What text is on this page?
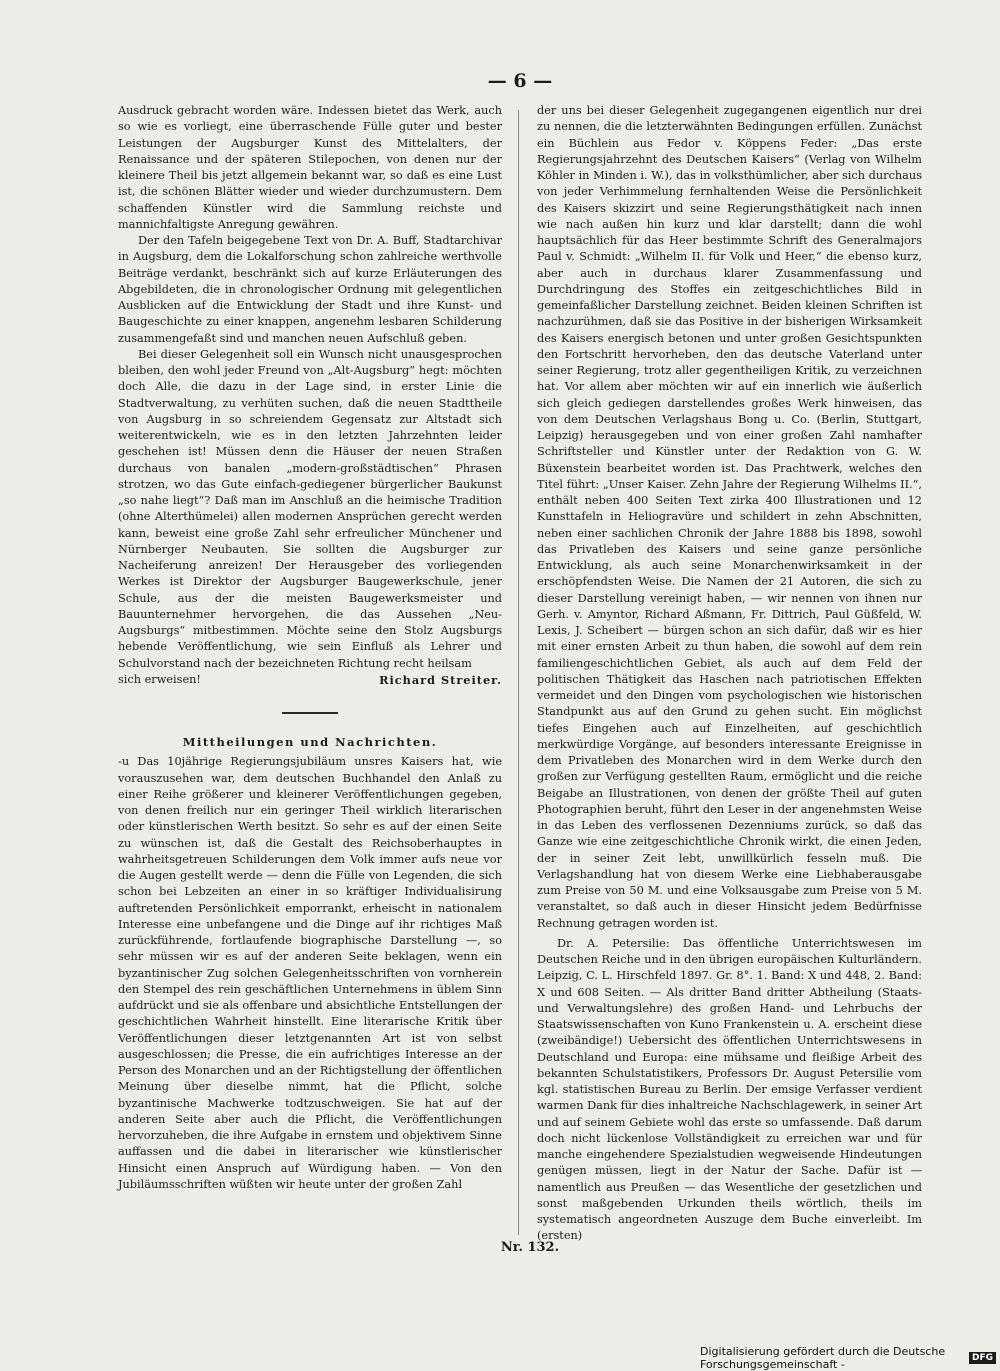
— 6 —

Ausdruck gebracht worden wäre. Indessen bietet das Werk, auch so wie es vorliegt, eine überraschende Fülle guter und bester Leistungen der Augsburger Kunst des Mittelalters, der Renaissance und der späteren Stilepochen, von denen nur der kleinere Theil bis jetzt allgemein bekannt war, so daß es eine Lust ist, die schönen Blätter wieder und wieder durchzumustern. Dem schaffenden Künstler wird die Sammlung reichste und mannichfaltigste Anregung gewähren.

Der den Tafeln beigegebene Text von Dr. A. Buff, Stadtarchivar in Augsburg, dem die Lokalforschung schon zahlreiche werthvolle Beiträge verdankt, beschränkt sich auf kurze Erläuterungen des Abgebildeten, die in chronologischer Ordnung mit gelegentlichen Ausblicken auf die Entwicklung der Stadt und ihre Kunst- und Baugeschichte zu einer knappen, angenehm lesbaren Schilderung zusammengefaßt sind und manchen neuen Aufschluß geben.

Bei dieser Gelegenheit soll ein Wunsch nicht unausgesprochen bleiben, den wohl jeder Freund von „Alt-Augsburg“ hegt: möchten doch Alle, die dazu in der Lage sind, in erster Linie die Stadtverwaltung, zu verhüten suchen, daß die neuen Stadttheile von Augsburg in so schreiendem Gegensatz zur Altstadt sich weiterentwickeln, wie es in den letzten Jahrzehnten leider geschehen ist! Müssen denn die Häuser der neuen Straßen durchaus von banalen „modern-großstädtischen“ Phrasen strotzen, wo das Gute einfach-gediegener bürgerlicher Baukunst „so nahe liegt“? Daß man im Anschluß an die heimische Tradition (ohne Alterthümelei) allen modernen Ansprüchen gerecht werden kann, beweist eine große Zahl sehr erfreulicher Münchener und Nürnberger Neubauten. Sie sollten die Augsburger zur Nacheiferung anreizen! Der Herausgeber des vorliegenden Werkes ist Direktor der Augsburger Baugewerkschule, jener Schule, aus der die meisten Baugewerksmeister und Bauunternehmer hervorgehen, die das Aussehen „Neu-Augsburgs“ mitbestimmen. Möchte seine den Stolz Augsburgs hebende Veröffentlichung, wie sein Einfluß als Lehrer und Schulvorstand nach der bezeichneten Richtung recht heilsam

sich erweisen!	Richard Streiter.
Mittheilungen und Nachrichten.

-u Das 10jährige Regierungsjubiläum unsres Kaisers hat, wie vorauszusehen war, dem deutschen Buchhandel den Anlaß zu einer Reihe größerer und kleinerer Veröffentlichungen gegeben, von denen freilich nur ein geringer Theil wirklich literarischen oder künstlerischen Werth besitzt. So sehr es auf der einen Seite zu wünschen ist, daß die Gestalt des Reichsoberhauptes in wahrheitsgetreuen Schilderungen dem Volk immer aufs neue vor die Augen gestellt werde — denn die Fülle von Legenden, die sich schon bei Lebzeiten an einer in so kräftiger Individualisirung auftretenden Persönlichkeit emporrankt, erheischt in nationalem Interesse eine unbefangene und die Dinge auf ihr richtiges Maß zurückführende, fortlaufende biographische Darstellung —, so sehr müssen wir es auf der anderen Seite beklagen, wenn ein byzantinischer Zug solchen Gelegenheitsschriften von vornherein den Stempel des rein geschäftlichen Unternehmens in üblem Sinn aufdrückt und sie als offenbare und absichtliche Entstellungen der geschichtlichen Wahrheit hinstellt. Eine literarische Kritik über Veröffentlichungen dieser letztgenannten Art ist von selbst ausgeschlossen; die Presse, die ein aufrichtiges Interesse an der Person des Monarchen und an der Richtigstellung der öffentlichen Meinung über dieselbe nimmt, hat die Pflicht, solche byzantinische Machwerke todtzuschweigen. Sie hat auf der anderen Seite aber auch die Pflicht, die Veröffentlichungen hervorzuheben, die ihre Aufgabe in ernstem und objektivem Sinne auffassen und die dabei in literarischer wie künstlerischer Hinsicht einen Anspruch auf Würdigung haben. — Von den Jubiläumsschriften wüßten wir heute unter der großen Zahl

der uns bei dieser Gelegenheit zugegangenen eigentlich nur drei zu nennen, die die letzterwähnten Bedingungen erfüllen. Zunächst ein Büchlein aus Fedor v. Köppens Feder: „Das erste Regierungsjahrzehnt des Deutschen Kaisers“ (Verlag von Wilhelm Köhler in Minden i. W.), das in volksthümlicher, aber sich durchaus von jeder Verhimmelung fernhaltenden Weise die Persönlichkeit des Kaisers skizzirt und seine Regierungsthätigkeit nach innen wie nach außen hin kurz und klar darstellt; dann die wohl hauptsächlich für das Heer bestimmte Schrift des Generalmajors Paul v. Schmidt: „Wilhelm II. für Volk und Heer,“ die ebenso kurz, aber auch in durchaus klarer Zusammenfassung und Durchdringung des Stoffes ein zeitgeschichtliches Bild in gemeinfaßlicher Darstellung zeichnet. Beiden kleinen Schriften ist nachzurühmen, daß sie das Positive in der bisherigen Wirksamkeit des Kaisers energisch betonen und unter großen Gesichtspunkten den Fortschritt hervorheben, den das deutsche Vaterland unter seiner Regierung, trotz aller gegentheiligen Kritik, zu verzeichnen hat. Vor allem aber möchten wir auf ein innerlich wie äußerlich sich gleich gediegen darstellendes großes Werk hinweisen, das von dem Deutschen Verlagshaus Bong u. Co. (Berlin, Stuttgart, Leipzig) herausgegeben und von einer großen Zahl namhafter Schriftsteller und Künstler unter der Redaktion von G. W. Büxenstein bearbeitet worden ist. Das Prachtwerk, welches den Titel führt: „Unser Kaiser. Zehn Jahre der Regierung Wilhelms II.“, enthält neben 400 Seiten Text zirka 400 Illustrationen und 12 Kunsttafeln in Heliogravüre und schildert in zehn Abschnitten, neben einer sachlichen Chronik der Jahre 1888 bis 1898, sowohl das Privatleben des Kaisers und seine ganze persönliche Entwicklung, als auch seine Monarchenwirksamkeit in der erschöpfendsten Weise. Die Namen der 21 Autoren, die sich zu dieser Darstellung vereinigt haben, — wir nennen von ihnen nur Gerh. v. Amyntor, Richard Aßmann, Fr. Dittrich, Paul Güßfeld, W. Lexis, J. Scheibert — bürgen schon an sich dafür, daß wir es hier mit einer ernsten Arbeit zu thun haben, die sowohl auf dem rein familiengeschichtlichen Gebiet, als auch auf dem Feld der politischen Thätigkeit das Haschen nach patriotischen Effekten vermeidet und den Dingen vom psychologischen wie historischen Standpunkt aus auf den Grund zu gehen sucht. Ein möglichst tiefes Eingehen auch auf Einzelheiten, auf geschichtlich merkwürdige Vorgänge, auf besonders interessante Ereignisse in dem Privatleben des Monarchen wird in dem Werke durch den großen zur Verfügung gestellten Raum, ermöglicht und die reiche Beigabe an Illustrationen, von denen der größte Theil auf guten Photographien beruht, führt den Leser in der angenehmsten Weise in das Leben des verflossenen Dezenniums zurück, so daß das Ganze wie eine zeitgeschichtliche Chronik wirkt, die einen Jeden, der in seiner Zeit lebt, unwillkürlich fesseln muß. Die Verlagshandlung hat von diesem Werke eine Liebhaberausgabe zum Preise von 50 M. und eine Volksausgabe zum Preise von 5 M. veranstaltet, so daß auch in dieser Hinsicht jedem Bedürfnisse Rechnung getragen worden ist.

Dr. A. Petersilie: Das öffentliche Unterrichtswesen im Deutschen Reiche und in den übrigen europäischen Kulturländern. Leipzig, C. L. Hirschfeld 1897. Gr. 8°. 1. Band: X und 448, 2. Band: X und 608 Seiten. — Als dritter Band dritter Abtheilung (Staats- und Verwaltungslehre) des großen Hand- und Lehrbuchs der Staatswissenschaften von Kuno Frankenstein u. A. erscheint diese (zweibändige!) Uebersicht des öffentlichen Unterrichtswesens in Deutschland und Europa: eine mühsame und fleißige Arbeit des bekannten Schulstatistikers, Professors Dr. August Petersilie vom kgl. statistischen Bureau zu Berlin. Der emsige Verfasser verdient warmen Dank für dies inhaltreiche Nachschlagewerk, in seiner Art und auf seinem Gebiete wohl das erste so umfassende. Daß darum doch nicht lückenlose Vollständigkeit zu erreichen war und für manche eingehendere Spezialstudien wegweisende Hindeutungen genügen müssen, liegt in der Natur der Sache. Dafür ist — namentlich aus Preußen — das Wesentliche der gesetzlichen und sonst maßgebenden Urkunden theils wörtlich, theils im systematisch angeordneten Auszuge dem Buche einverleibt. Im (ersten)

Nr. 132.
Digitalisierung gefördert durch die Deutsche Forschungsgemeinschaft -	DFG
